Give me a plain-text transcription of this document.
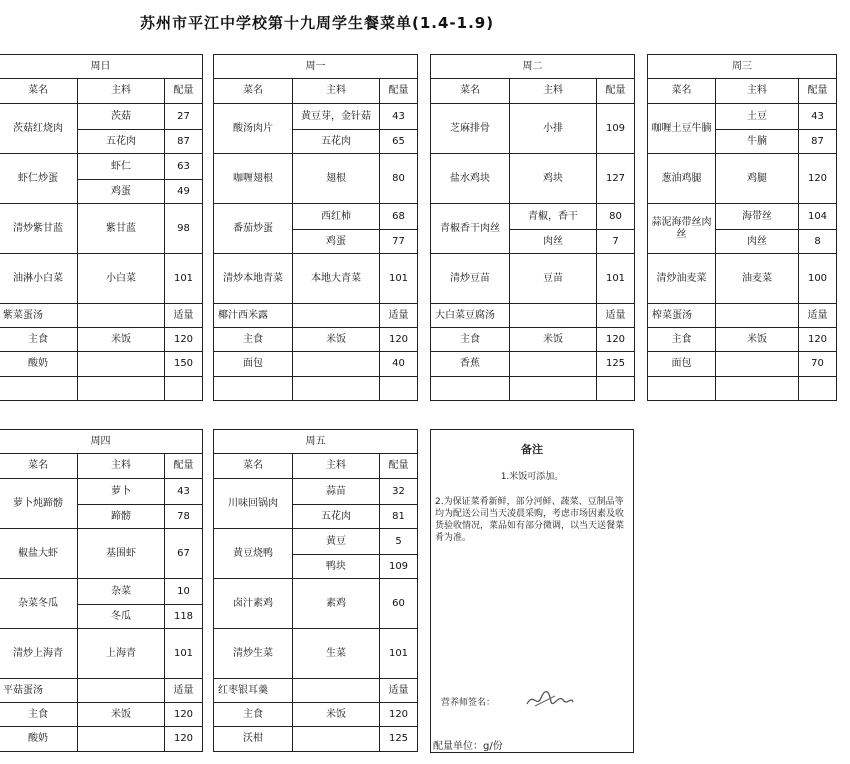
苏州市平江中学校第十九周学生餐菜单(1.4-1.9)
周日		
菜名	主料	配量
茨菇红烧肉	茨菇	27
	五花肉	87
虾仁炒蛋	虾仁	63
	鸡蛋	49
清炒紫甘蓝	紫甘蓝	98
油淋小白菜	小白菜	101
紫菜蛋汤		适量
主食	米饭	120
酸奶		150

周一		
菜名	主料	配量
酸汤肉片	黄豆芽，金针菇	43
	五花肉	65
咖喱翅根	翅根	80
番茄炒蛋	西红柿	68
	鸡蛋	77
清炒本地青菜	本地大青菜	101
椰汁西米露		适量
主食	米饭	120
面包		40

周二		
菜名	主料	配量
芝麻排骨	小排	109
盐水鸡块	鸡块	127
青椒香干肉丝	青椒，香干	80
	肉丝	7
清炒豆苗	豆苗	101
大白菜豆腐汤		适量
主食	米饭	120
香蕉		125

周三		
菜名	主料	配量
咖喱土豆牛腩	土豆	43
	牛腩	87
葱油鸡腿	鸡腿	120
蒜泥海带丝肉丝	海带丝	104
	肉丝	8
清炒油麦菜	油麦菜	100
榨菜蛋汤		适量
主食	米饭	120
面包		70

周四		
菜名	主料	配量
萝卜炖蹄髈	萝卜	43
	蹄髈	78
椒盐大虾	基围虾	67
杂菜冬瓜	杂菜	10
	冬瓜	118
清炒上海青	上海青	101
平菇蛋汤		适量
主食	米饭	120
酸奶		120
周五		
菜名	主料	配量
川味回锅肉	蒜苗	32
	五花肉	81
黄豆烧鸭	黄豆	5
	鸭块	109
卤汁素鸡	素鸡	60
清炒生菜	生菜	101
红枣银耳羹		适量
主食	米饭	120
沃柑		125
备注
1.米饭可添加。
2.为保证菜肴新鲜，部分河鲜、蔬菜、豆制品等均为配送公司当天凌晨采购，考虑市场因素及收货验收情况，菜品如有部分微调，以当天送餐菜肴为准。
营养师签名：
配量单位：g/份
